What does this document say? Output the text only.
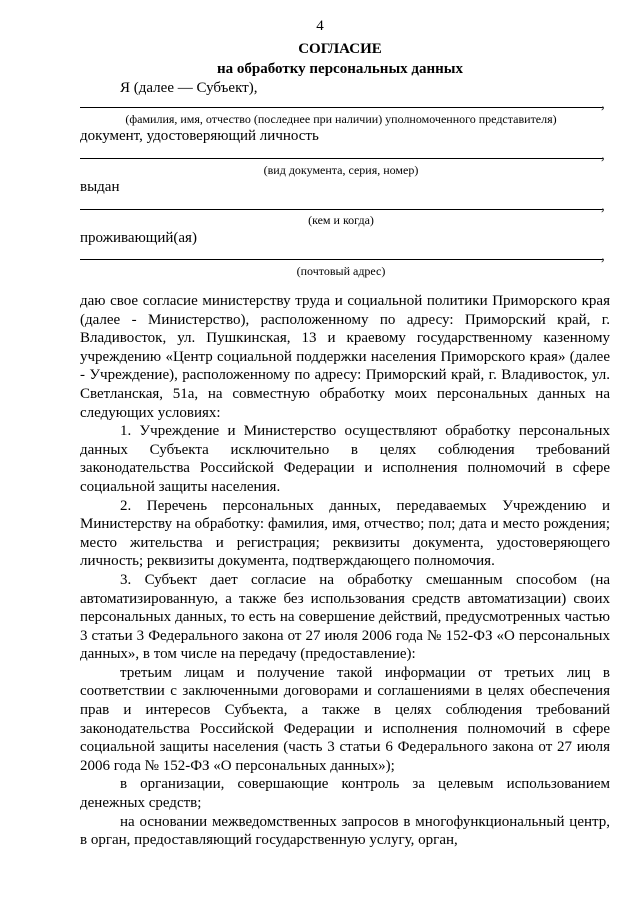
4
СОГЛАСИЕ
на обработку персональных данных
Я (далее — Субъект),
,
(фамилия, имя, отчество (последнее при наличии) уполномоченного представителя)
документ, удостоверяющий личность
,
(вид документа, серия, номер)
выдан
,
(кем и когда)
проживающий(ая)
,
(почтовый адрес)

даю свое согласие министерству труда и социальной политики Приморского края (далее - Министерство), расположенному по адресу: Приморский край, г. Владивосток, ул. Пушкинская, 13 и краевому государственному казенному учреждению «Центр социальной поддержки населения Приморского края» (далее - Учреждение), расположенному по адресу: Приморский край, г. Владивосток, ул. Светланская, 51а, на совместную обработку моих персональных данных на следующих условиях:

1. Учреждение и Министерство осуществляют обработку персональных данных Субъекта исключительно в целях соблюдения требований законодательства Российской Федерации и исполнения полномочий в сфере социальной защиты населения.

2. Перечень персональных данных, передаваемых Учреждению и Министерству на обработку: фамилия, имя, отчество; пол; дата и место рождения; место жительства и регистрация; реквизиты документа, удостоверяющего личность; реквизиты документа, подтверждающего полномочия.

3. Субъект дает согласие на обработку смешанным способом (на автоматизированную, а также без использования средств автоматизации) своих персональных данных, то есть на совершение действий, предусмотренных частью 3 статьи 3 Федерального закона от 27 июля 2006 года № 152-ФЗ «О персональных данных», в том числе на передачу (предоставление):

третьим лицам и получение такой информации от третьих лиц в соответствии с заключенными договорами и соглашениями в целях обеспечения прав и интересов Субъекта, а также в целях соблюдения требований законодательства Российской Федерации и исполнения полномочий в сфере социальной защиты населения (часть 3 статьи 6 Федерального закона от 27 июля 2006 года № 152-ФЗ «О персональных данных»);

в организации, совершающие контроль за целевым использованием денежных средств;

на основании межведомственных запросов в многофункциональный центр, в орган, предоставляющий государственную услугу, орган,
